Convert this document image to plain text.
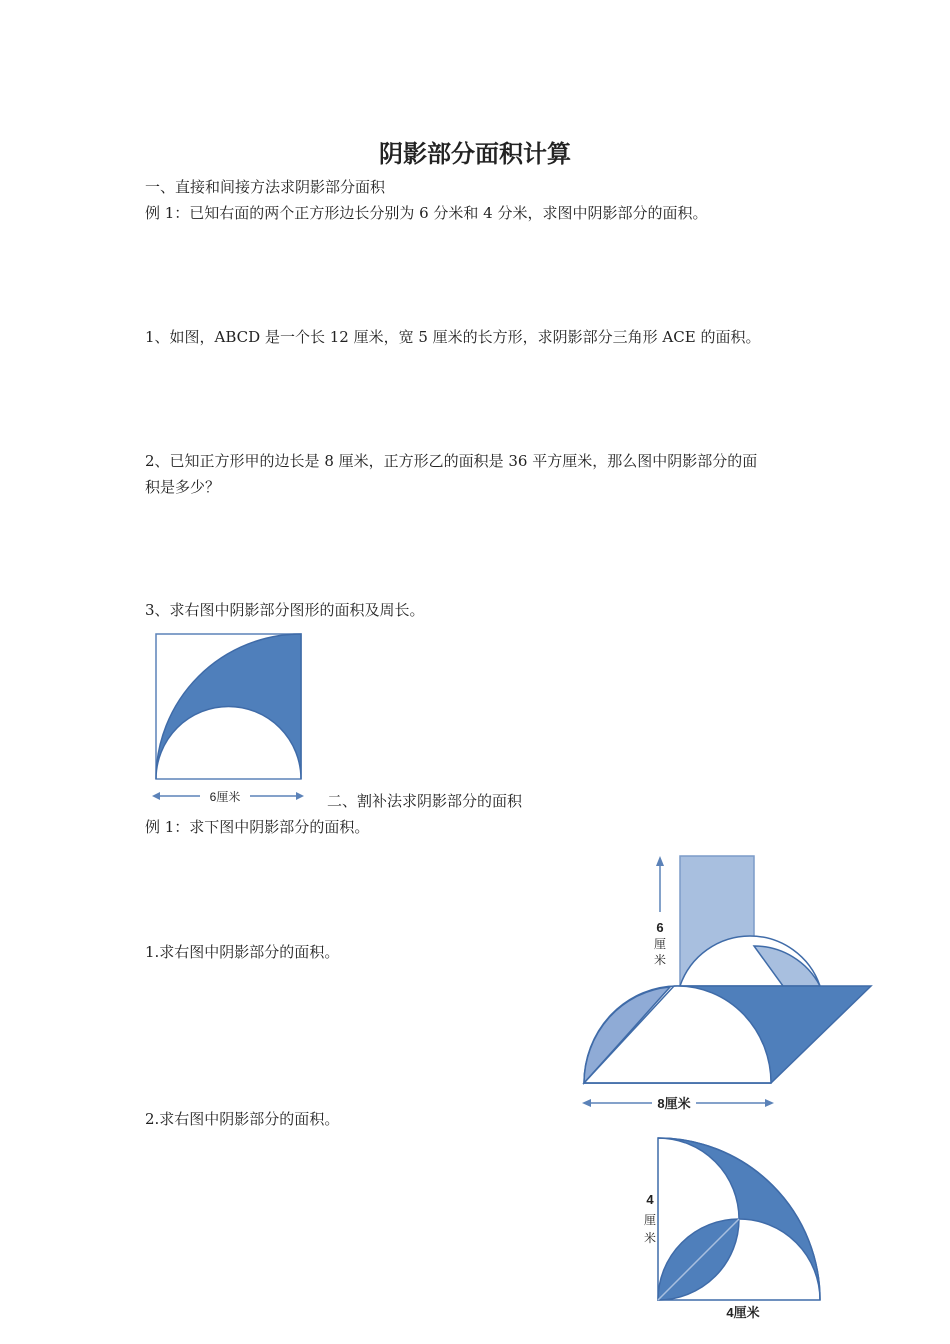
阴影部分面积计算
一、直接和间接方法求阴影部分面积
例 1：已知右面的两个正方形边长分别为 6 分米和 4 分米，求图中阴影部分的面积。
1、如图，ABCD 是一个长 12 厘米，宽 5 厘米的长方形，求阴影部分三角形 ACE 的面积。
2、已知正方形甲的边长是 8 厘米，正方形乙的面积是 36 平方厘米，那么图中阴影部分的面
积是多少？
3、求右图中阴影部分图形的面积及周长。
6厘米	二、割补法求阴影部分的面积
例 1：求下图中阴影部分的面积。
1.求右图中阴影部分的面积。
2.求右图中阴影部分的面积。
6
厘
米
8厘米
4
厘
米
4厘米
